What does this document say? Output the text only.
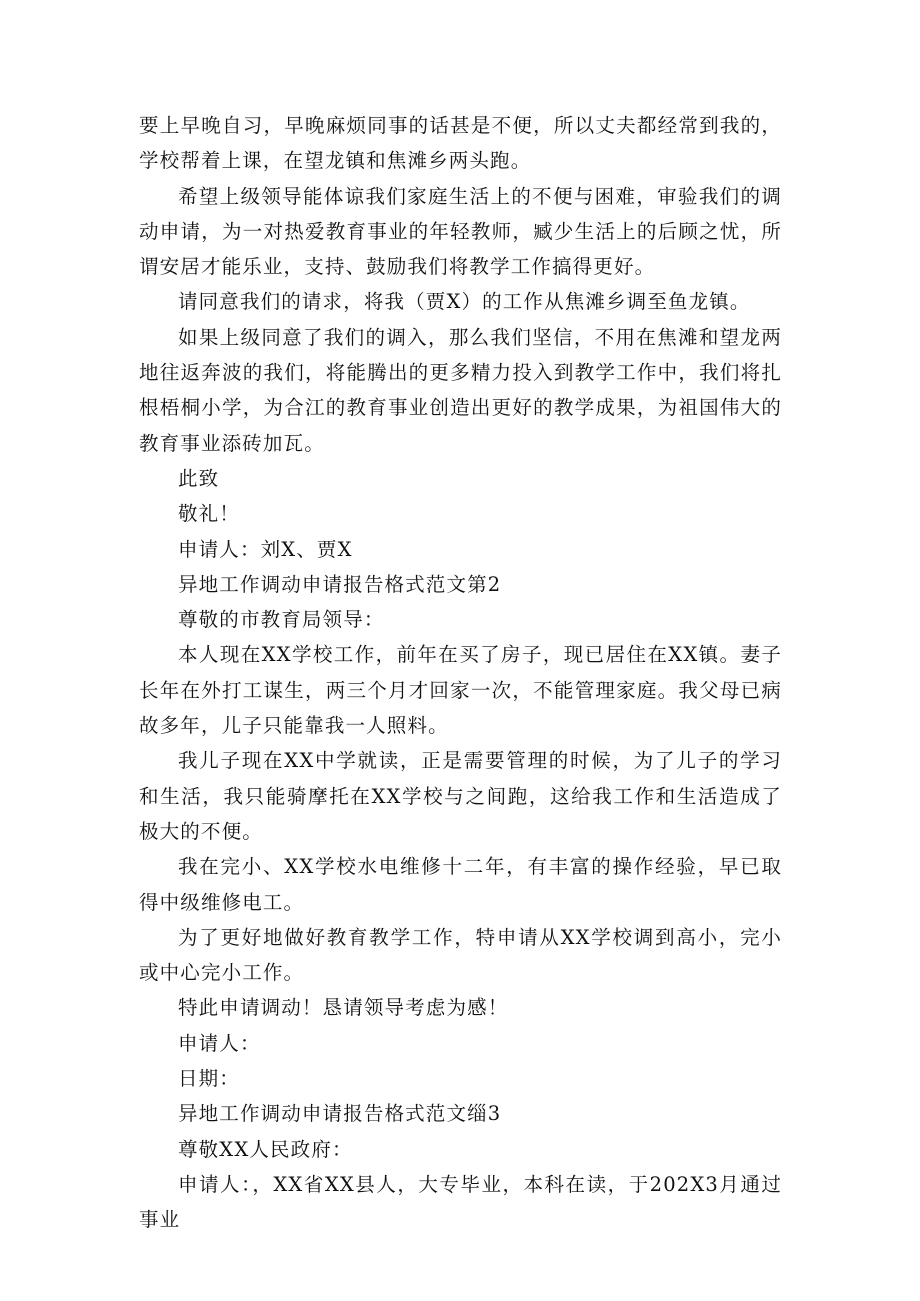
要上早晚自习，早晚麻烦同事的话甚是不便，所以丈夫都经常到我的，学校帮着上课，在望龙镇和焦滩乡两头跑。

希望上级领导能体谅我们家庭生活上的不便与困难，审验我们的调动申请，为一对热爱教育事业的年轻教师，臧少生活上的后顾之忧，所谓安居才能乐业，支持、鼓励我们将教学工作搞得更好。

请同意我们的请求，将我（贾X）的工作从焦滩乡调至鱼龙镇。

如果上级同意了我们的调入，那么我们坚信，不用在焦滩和望龙两地往返奔波的我们，将能腾出的更多精力投入到教学工作中，我们将扎根梧桐小学，为合江的教育事业创造出更好的教学成果，为祖国伟大的教育事业添砖加瓦。

此致

敬礼！

申请人：刘X、贾X

异地工作调动申请报告格式范文第2

尊敬的市教育局领导：

本人现在XX学校工作，前年在买了房子，现已居住在XX镇。妻子长年在外打工谋生，两三个月才回家一次，不能管理家庭。我父母已病故多年，儿子只能靠我一人照料。

我儿子现在XX中学就读，正是需要管理的时候，为了儿子的学习和生活，我只能骑摩托在XX学校与之间跑，这给我工作和生活造成了极大的不便。

我在完小、XX学校水电维修十二年，有丰富的操作经验，早已取得中级维修电工。

为了更好地做好教育教学工作，特申请从XX学校调到高小，完小或中心完小工作。

特此申请调动！恳请领导考虑为感！

申请人：

日期：

异地工作调动申请报告格式范文缁3

尊敬XX人民政府：

申请人：，XX省XX县人，大专毕业，本科在读，于202X3月通过事业
